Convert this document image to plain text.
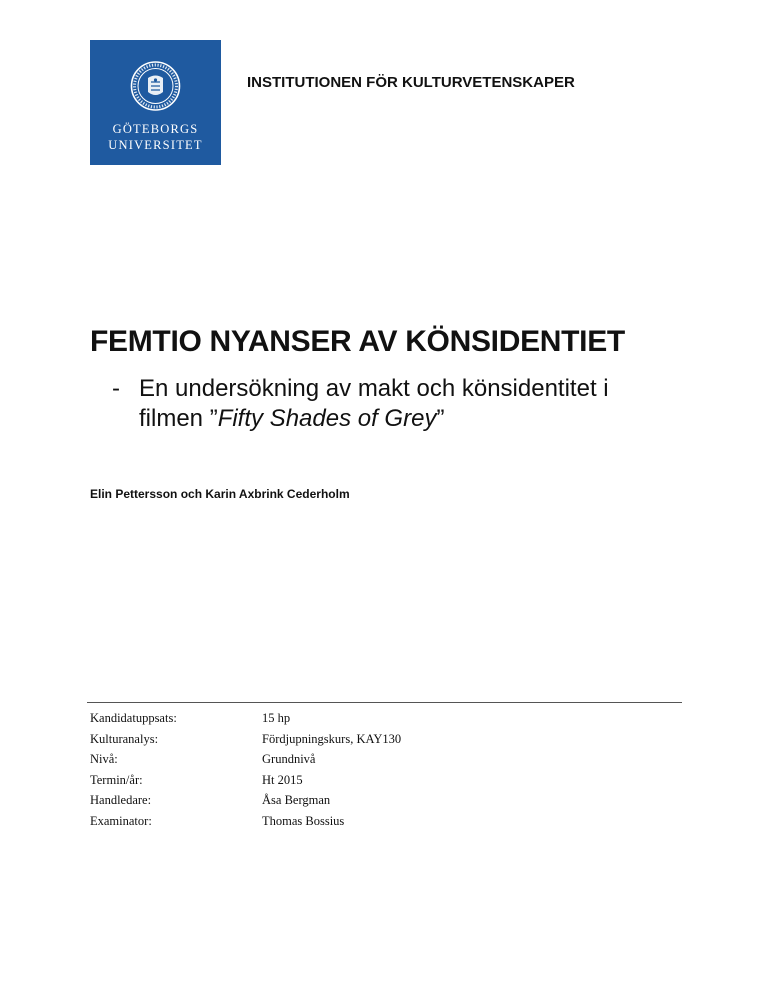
GÖTEBORGS
UNIVERSITET
INSTITUTIONEN FÖR KULTURVETENSKAPER
FEMTIO NYANSER AV KÖNSIDENTIET
- En undersökning av makt och könsidentitet i
filmen ”Fifty Shades of Grey”
Elin Pettersson och Karin Axbrink Cederholm
Kandidatuppsats:	15 hp
Kulturanalys:	Fördjupningskurs, KAY130
Nivå:	Grundnivå
Termin/år:	Ht 2015
Handledare:	Åsa Bergman
Examinator:	Thomas Bossius
